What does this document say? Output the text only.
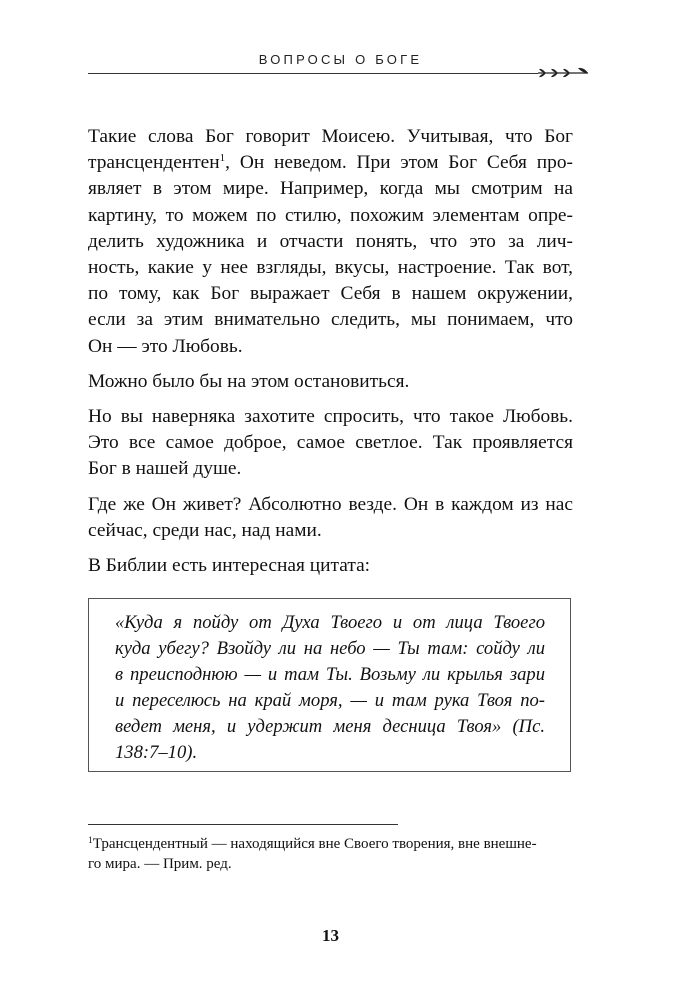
ВОПРОСЫ О БОГЕ

Такие слова Бог говорит Моисею. Учитывая, что Бог
трансцендентен$^1$, Он неведом. При этом Бог Себя про-
являет в этом мире. Например, когда мы смотрим на
картину, то можем по стилю, похожим элементам опре-
делить художника и отчасти понять, что это за лич-
ность, какие у нее взгляды, вкусы, настроение. Так вот,
по тому, как Бог выражает Себя в нашем окружении,
если за этим внимательно следить, мы понимаем, что
Он — это Любовь.

Можно было бы на этом остановиться.

Но вы наверняка захотите спросить, что такое Любовь.
Это все самое доброе, самое светлое. Так проявляется
Бог в нашей душе.

Где же Он живет? Абсолютно везде. Он в каждом из нас
сейчас, среди нас, над нами.

В Библии есть интересная цитата:

«Куда я пойду от Духа Твоего и от лица Твоего
куда убегу? Взойду ли на небо — Ты там: сойду ли
в преисподнюю — и там Ты. Возьму ли крылья зари
и переселюсь на край моря, — и там рука Твоя по-
ведет меня, и удержит меня десница Твоя» (Пс.
138:7–10).
$^1$Трансцендентный — находящийся вне Своего творения, вне внешне-
го мира. — Прим. ред.
13
